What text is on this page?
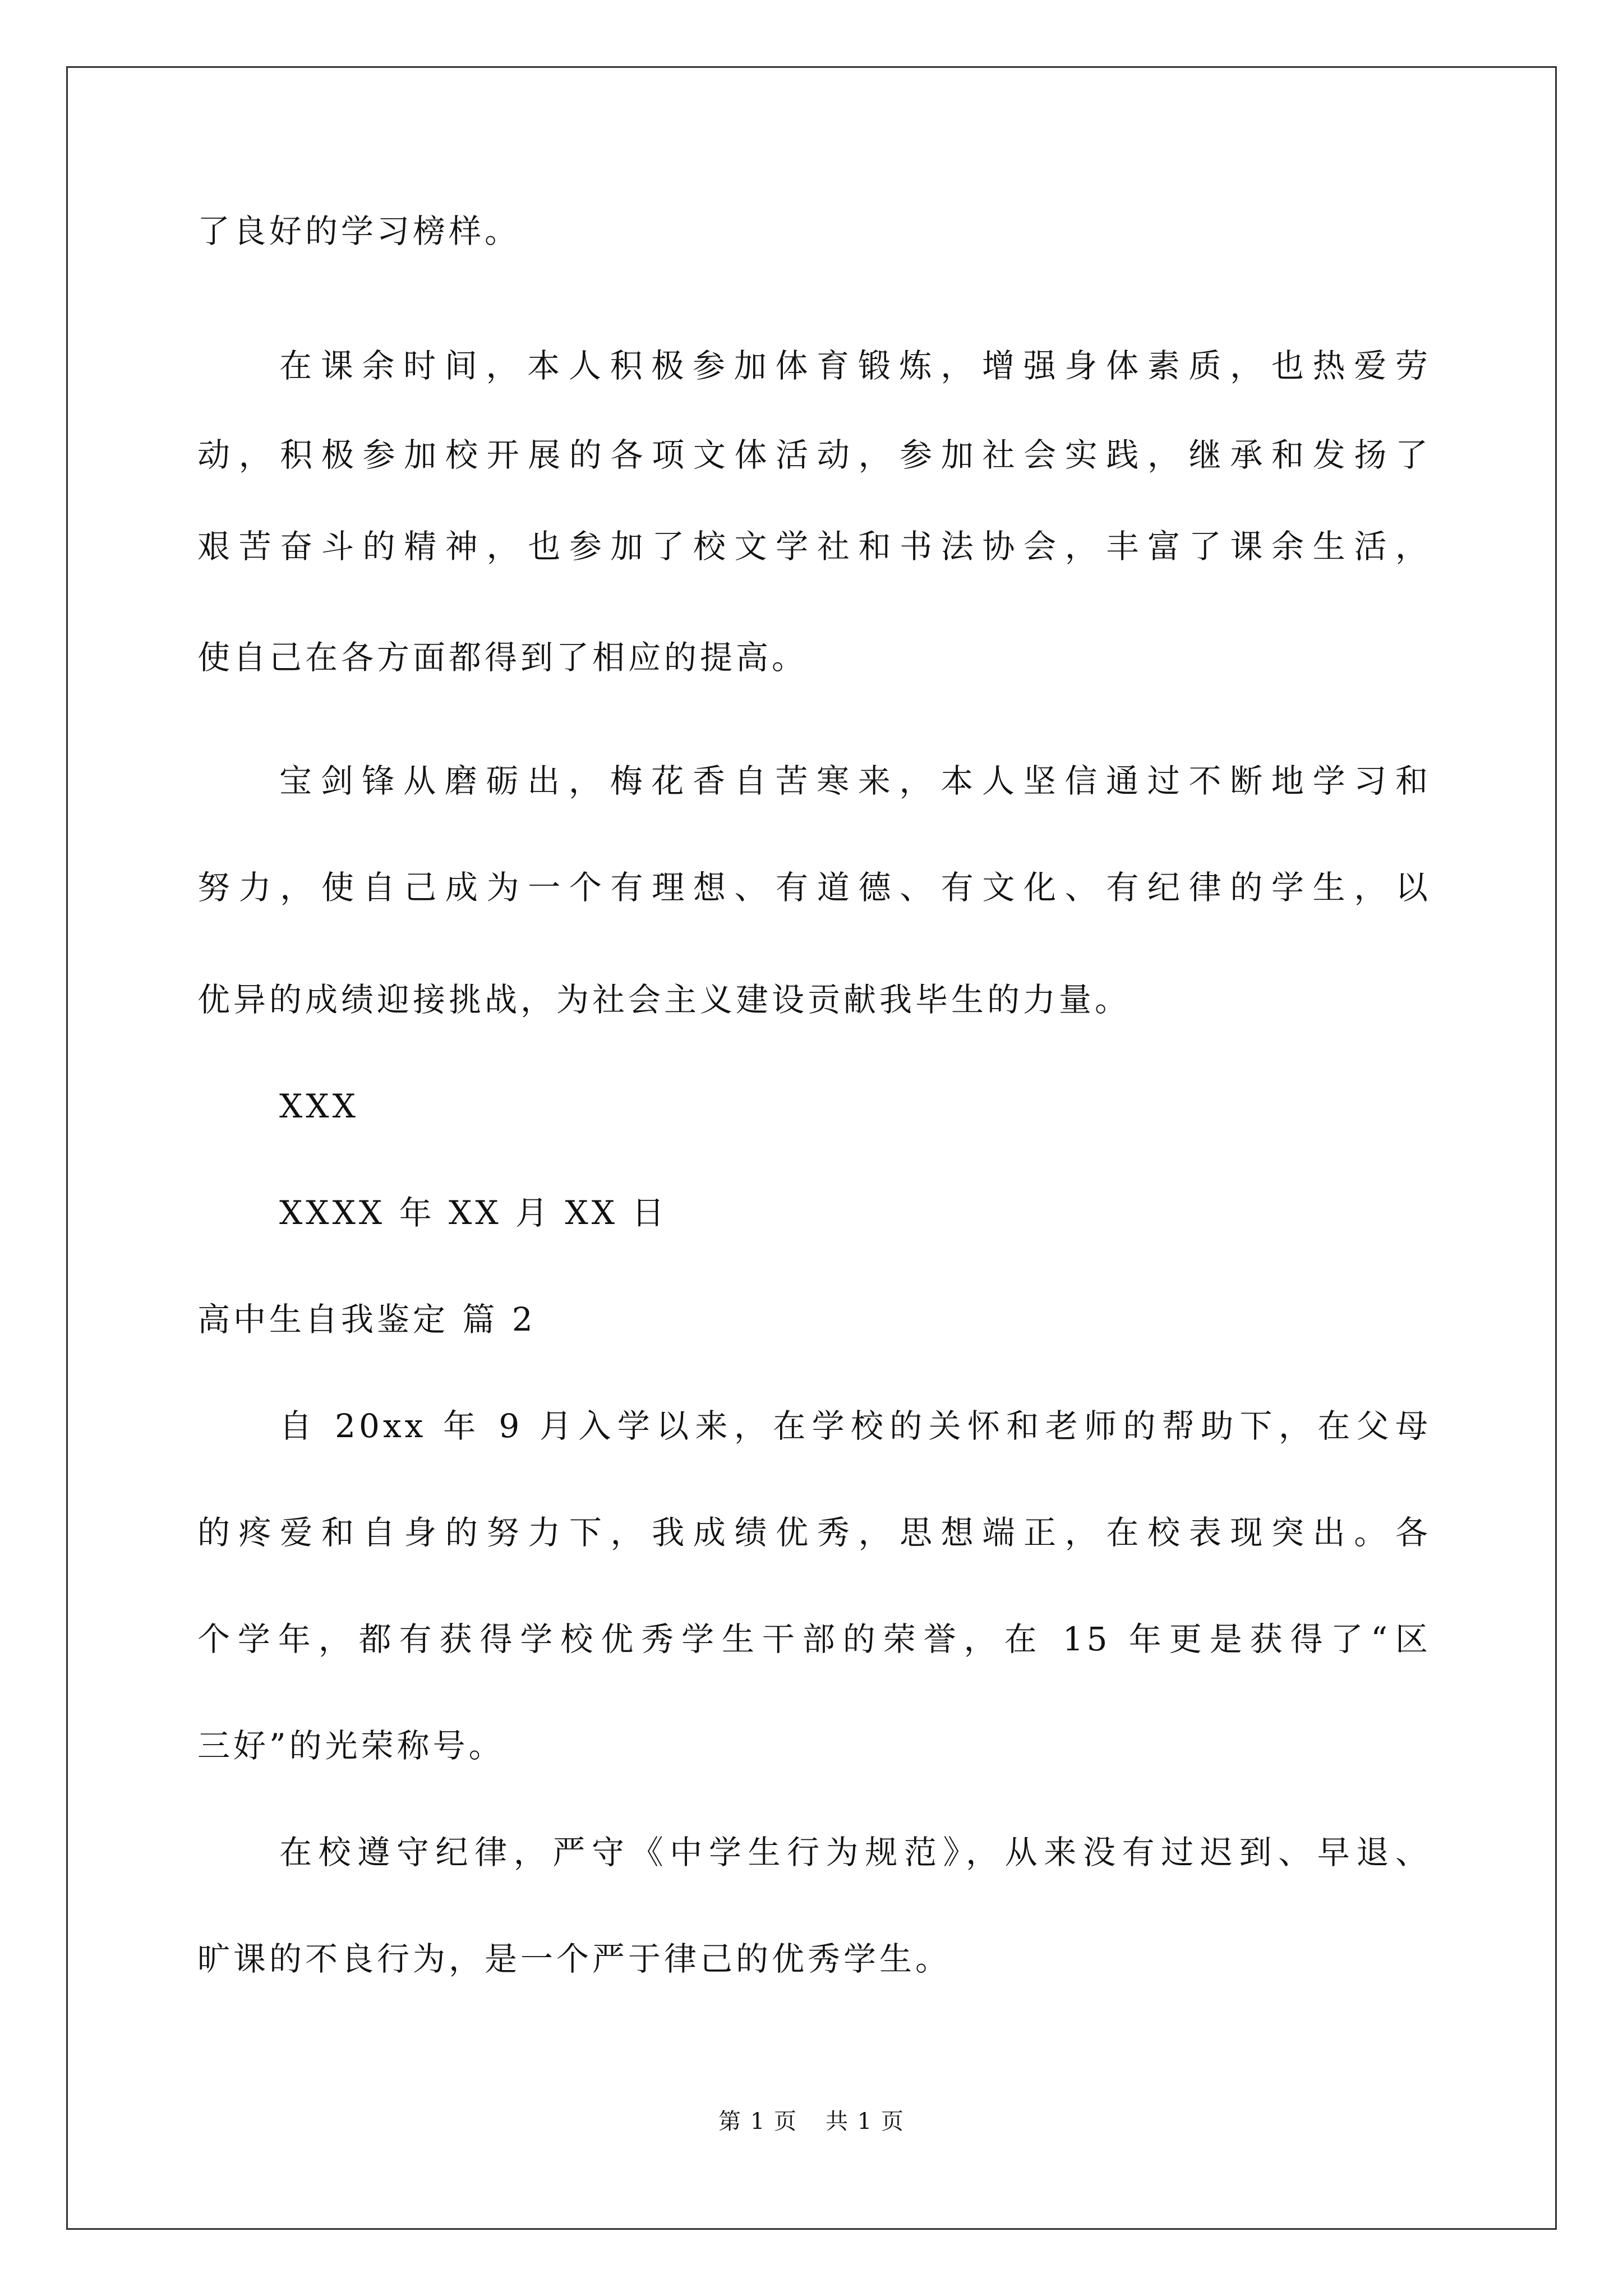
了良好的学习榜样。
在课余时间，本人积极参加体育锻炼，增强身体素质，也热爱劳
动，积极参加校开展的各项文体活动，参加社会实践，继承和发扬了
艰苦奋斗的精神，也参加了校文学社和书法协会，丰富了课余生活，
使自己在各方面都得到了相应的提高。
宝剑锋从磨砺出，梅花香自苦寒来，本人坚信通过不断地学习和
努力，使自己成为一个有理想、有道德、有文化、有纪律的学生，以
优异的成绩迎接挑战，为社会主义建设贡献我毕生的力量。
XXX
XXXX 年 XX 月 XX 日
高中生自我鉴定 篇 2
自 20xx 年 9 月入学以来，在学校的关怀和老师的帮助下，在父母
的疼爱和自身的努力下，我成绩优秀，思想端正，在校表现突出。各
个学年，都有获得学校优秀学生干部的荣誉，在 15 年更是获得了“区
三好”的光荣称号。
在校遵守纪律，严守《中学生行为规范》，从来没有过迟到、早退、
旷课的不良行为，是一个严于律己的优秀学生。
第 1 页 共 1 页
